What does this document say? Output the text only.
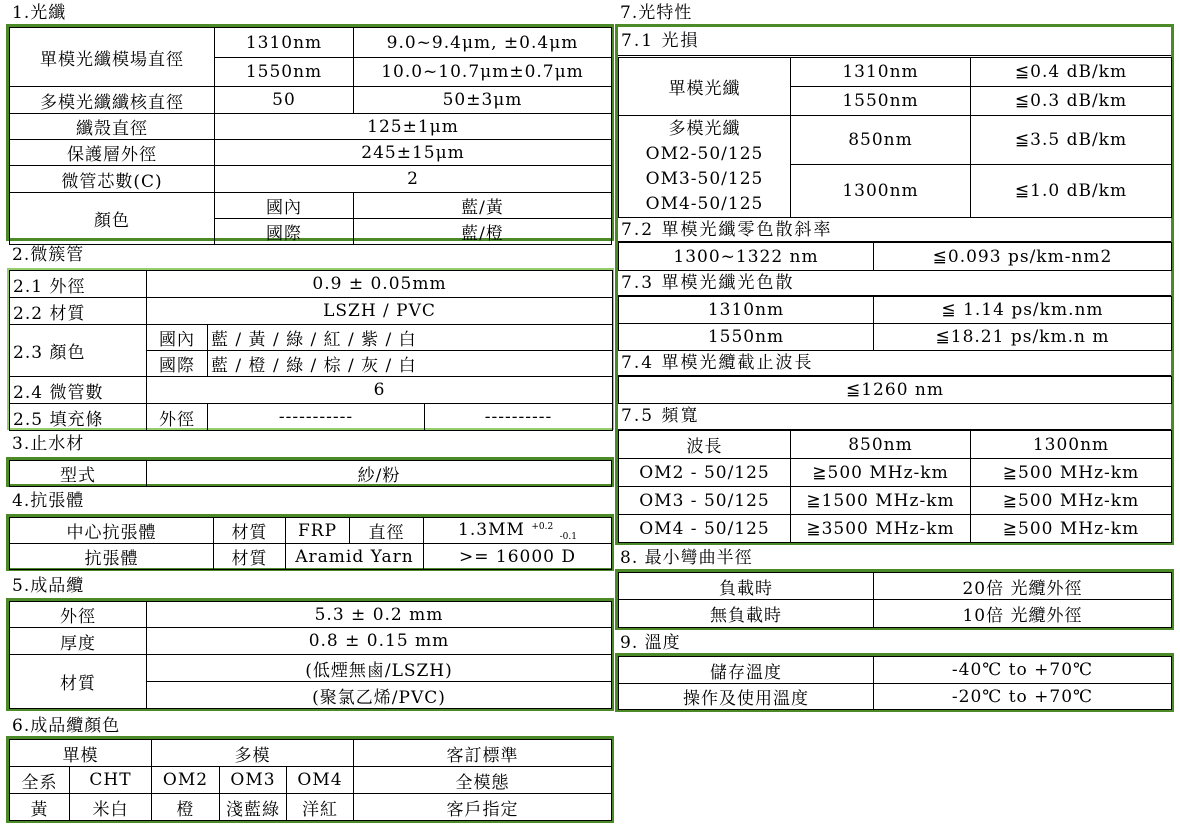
1.光纖
單模光纖模場直徑	1310nm	9.0~9.4μm, ±0.4μm
	1550nm	10.0~10.7μm±0.7μm
多模光纖纖核直徑	50	50±3μm
纖殼直徑	125±1μm	
保護層外徑	245±15μm	
微管芯數(C)	2	
顏色	國內	藍/黃
	國際	藍/橙
2.微簇管
2.1 外徑	0.9 ± 0.05mm		
2.2 材質	LSZH / PVC		
2.3 顏色	國內	藍 / 黃 / 綠 / 紅 / 紫 / 白	
	國際	藍 / 橙 / 綠 / 棕 / 灰 / 白	
2.4 微管數	6		
2.5 填充條	外徑	-----------	----------
3.止水材
型式	紗/粉
4.抗張體
中心抗張體	材質	FRP	直徑	1.3MM $^{+0.2}$ $_{-0.1}$
抗張體	材質	Aramid Yarn		>= 16000 D
5.成品纜
外徑	5.3 ± 0.2 mm
厚度	0.8 ± 0.15 mm
材質	(低煙無鹵/LSZH)
	(聚氯乙烯/PVC)
6.成品纜顏色
單模		多模			客訂標準
全系	CHT	OM2	OM3	OM4	全模態
黃	米白	橙	淺藍綠	洋紅	客戶指定
7.光特性
7.1 光損
單模光纖	1310nm	≦0.4 dB/km
	1550nm	≦0.3 dB/km

多模光纖
OM2-50/125
OM3-50/125
OM4-50/125	850nm	≦3.5 dB/km
	1300nm	≦1.0 dB/km
7.2 單模光纖零色散斜率
1300~1322 nm	≦0.093 ps/km-nm2
7.3 單模光纖光色散
1310nm	≦ 1.14 ps/km.nm
1550nm	≦18.21 ps/km.n m
7.4 單模光纜截止波長
≦1260 nm
7.5 頻寬
波長	850nm	1300nm
OM2 - 50/125	≧500 MHz-km	≧500 MHz-km
OM3 - 50/125	≧1500 MHz-km	≧500 MHz-km
OM4 - 50/125	≧3500 MHz-km	≧500 MHz-km
8. 最小彎曲半徑
負載時	20倍 光纜外徑
無負載時	10倍 光纜外徑
9. 溫度
儲存溫度	-40℃ to +70℃
操作及使用溫度	-20℃ to +70℃
